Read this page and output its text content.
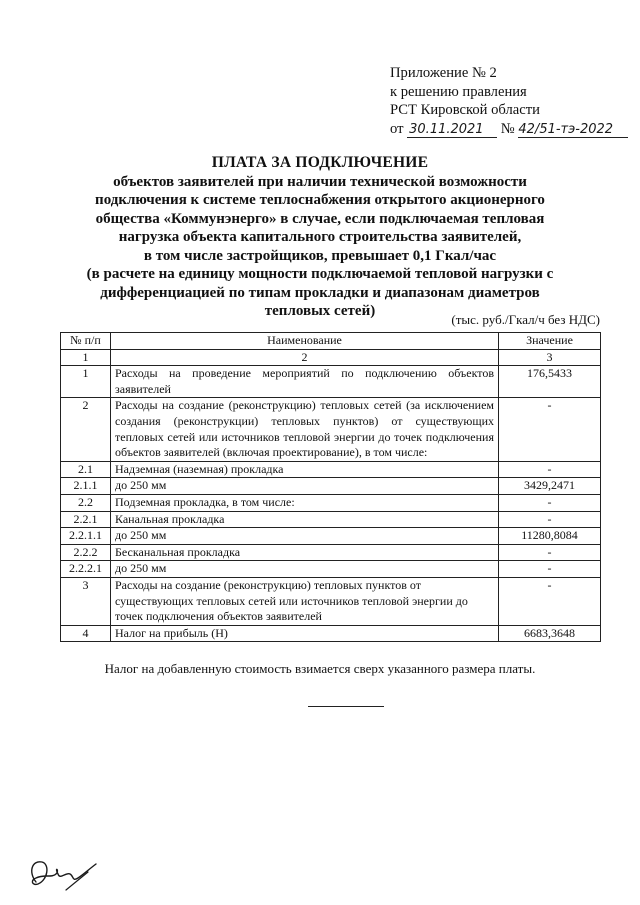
Приложение № 2
к решению правления
РСТ Кировской области
от 30.11.2021 № 42/51-тэ-2022
ПЛАТА ЗА ПОДКЛЮЧЕНИЕ
объектов заявителей при наличии технической возможности
подключения к системе теплоснабжения открытого акционерного
общества «Коммунэнерго» в случае, если подключаемая тепловая
нагрузка объекта капитального строительства заявителей,
в том числе застройщиков, превышает 0,1 Гкал/час
(в расчете на единицу мощности подключаемой тепловой нагрузки с
дифференциацией по типам прокладки и диапазонам диаметров
тепловых сетей)
(тыс. руб./Гкал/ч без НДС)
№ п/п	Наименование	Значение
1	2	3
1	Расходы на проведение мероприятий по подключению объектов заявителей	176,5433
2	Расходы на создание (реконструкцию) тепловых сетей (за исключением создания (реконструкции) тепловых пунктов) от существующих тепловых сетей или источников тепловой энергии до точек подключения объектов заявителей (включая проектирование), в том числе:	-
2.1	Надземная (наземная) прокладка	-
2.1.1	до 250 мм	3429,2471
2.2	Подземная прокладка, в том числе:	-
2.2.1	Канальная прокладка	-
2.2.1.1	до 250 мм	11280,8084
2.2.2	Бесканальная прокладка	-
2.2.2.1	до 250 мм	-
3	Расходы на создание (реконструкцию) тепловых пунктов от существующих тепловых сетей или источников тепловой энергии до точек подключения объектов заявителей	-
4	Налог на прибыль (Н)	6683,3648
Налог на добавленную стоимость взимается сверх указанного размера платы.
